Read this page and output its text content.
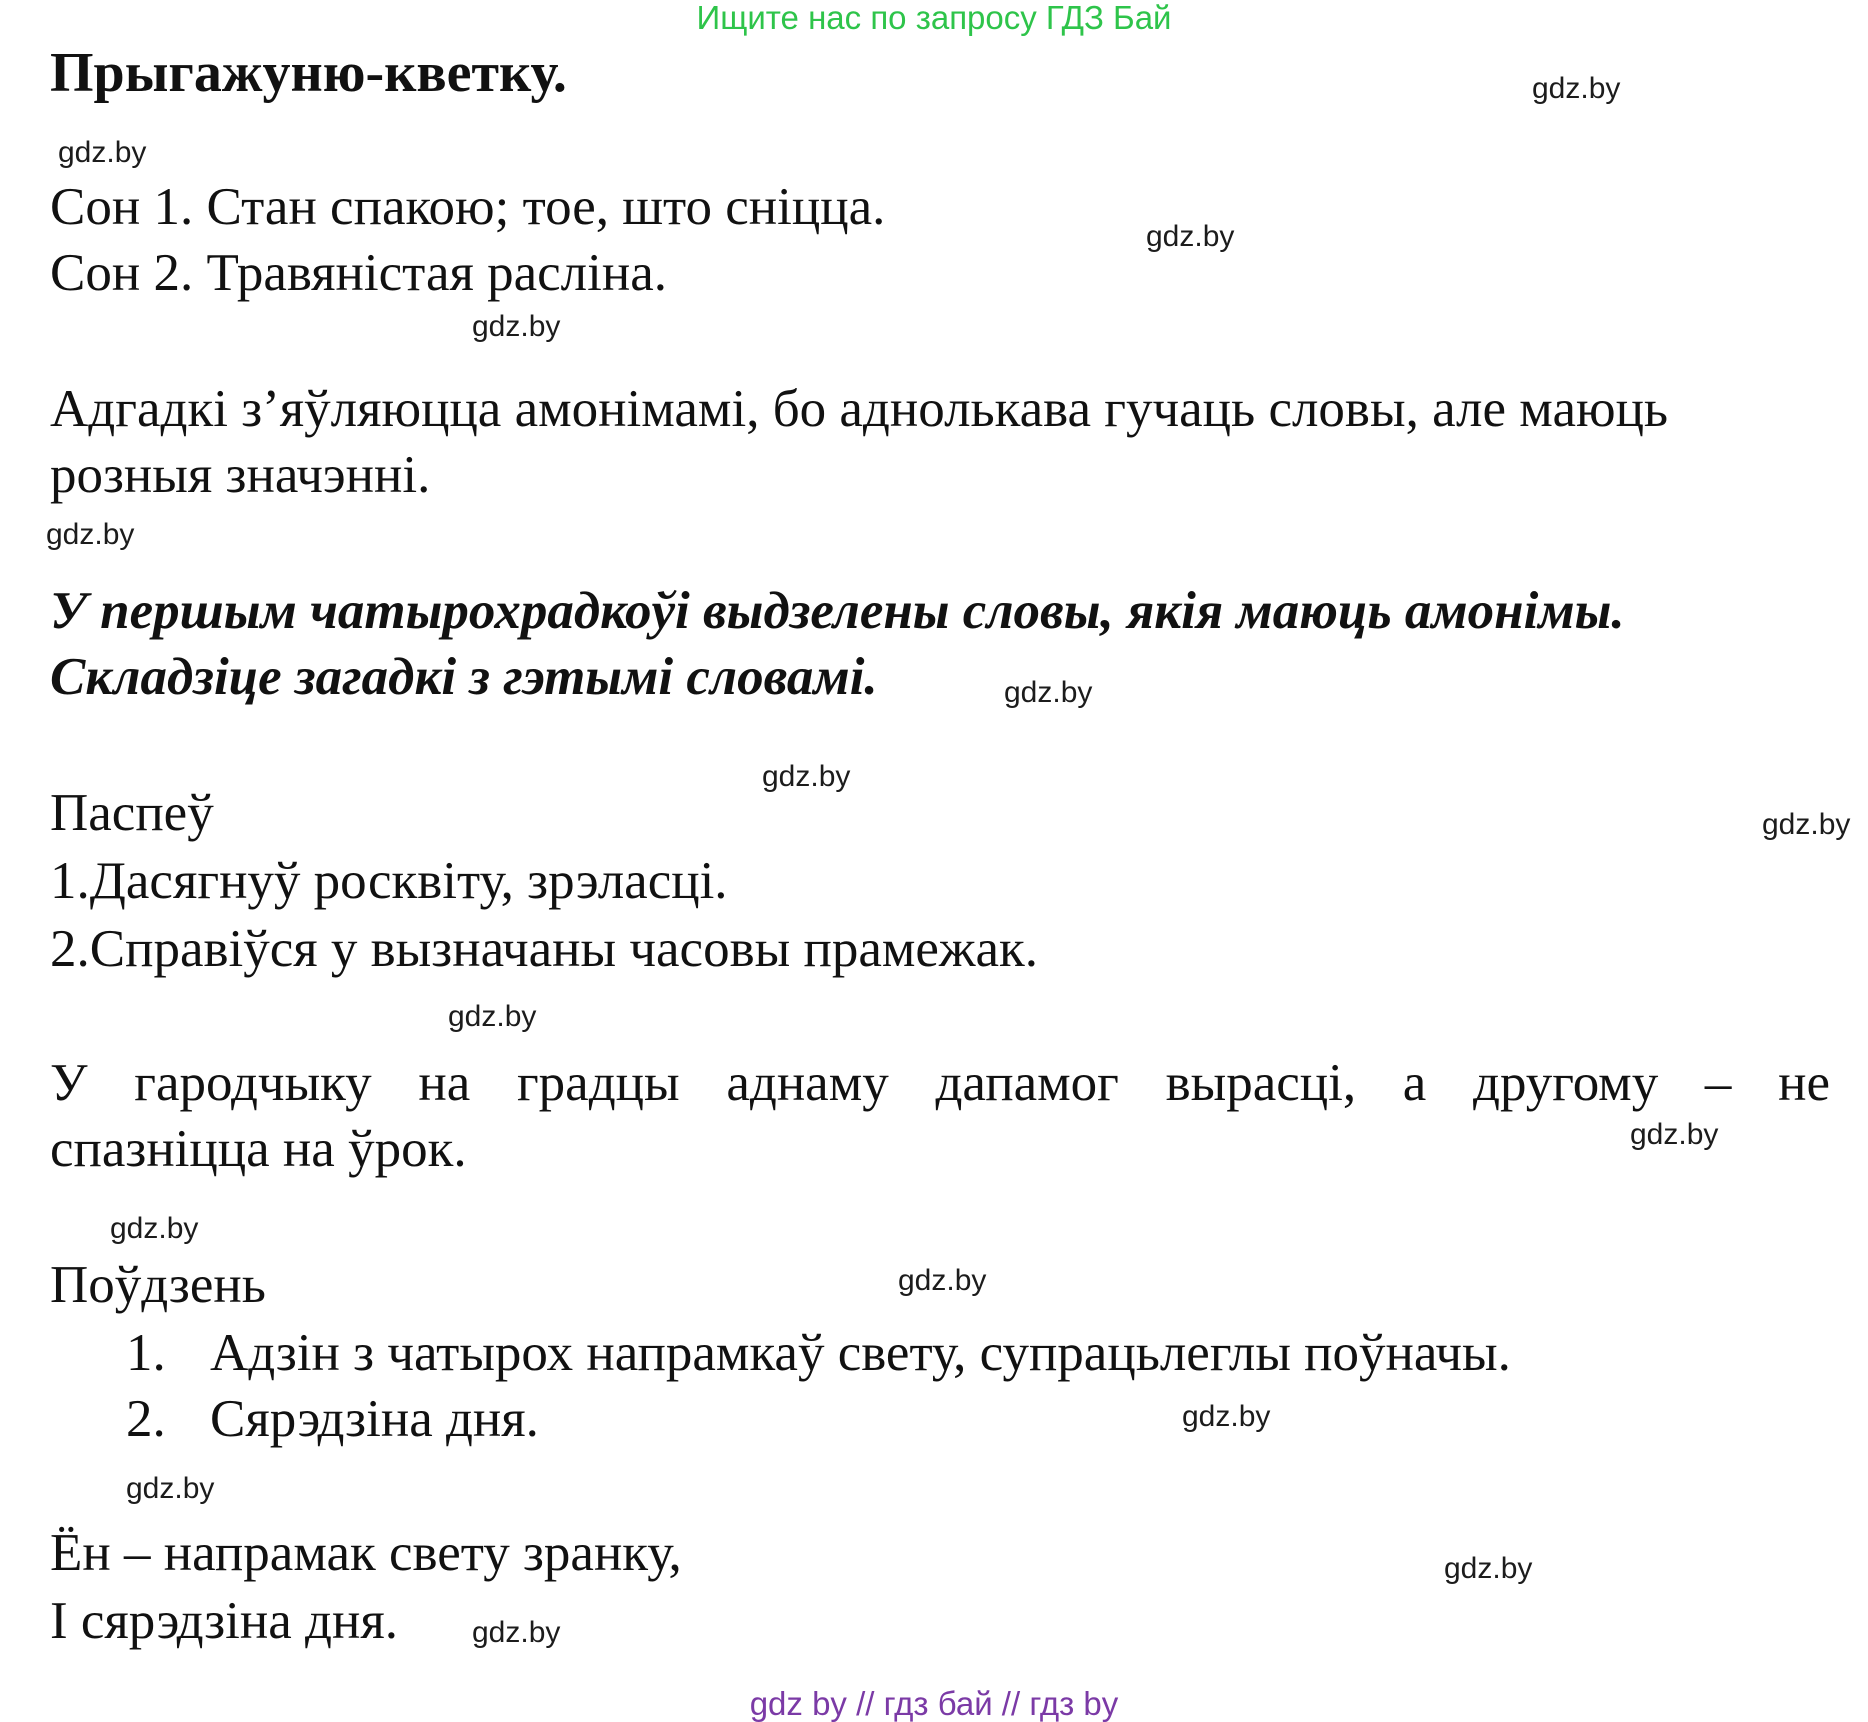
Ищите нас по запросу ГДЗ Бай
Прыгажуню-кветку.
Сон 1. Стан спакою; тое, што сніцца.
Сон 2. Травяністая расліна.
Адгадкі з’яўляюцца амонімамі, бо аднолькава гучаць словы, але маюць
розныя значэнні.
У першым чатырохрадкоўі выдзелены словы, якія маюць амонімы.
Складзіце загадкі з гэтымі словамі.
Паспеў
1.Дасягнуў росквіту, зрэласці.
2.Справіўся у вызначаны часовы прамежак.
У гародчыку на градцы аднаму дапамог вырасці, а другому – не
спазніцца на ўрок.
Поўдзень
1. Адзін з чатырох напрамкаў свету, супрацьлеглы поўначы.
2. Сярэдзіна дня.
Ён – напрамак свету зранку,
І сярэдзіна дня.
gdz.by
gdz.by
gdz.by
gdz.by
gdz.by
gdz.by
gdz.by
gdz.by
gdz.by
gdz.by
gdz.by
gdz.by
gdz.by
gdz.by
gdz.by
gdz.by
gdz by // гдз бай // гдз by
